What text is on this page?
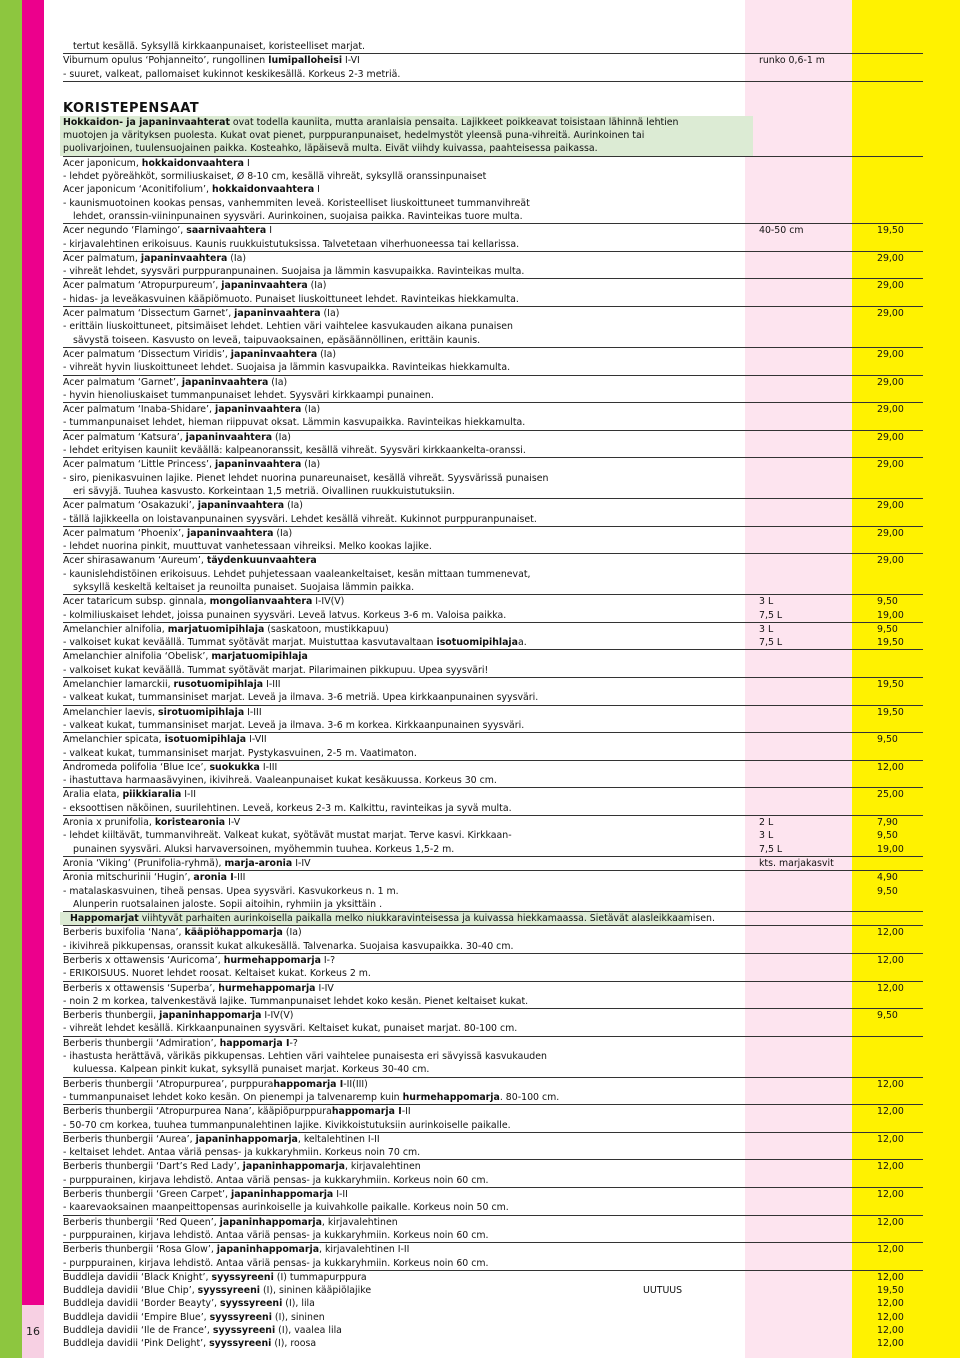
16
tertut kesällä. Syksyllä kirkkaanpunaiset, koristeelliset marjat.
Viburnum opulus ‘Pohjanneito’, rungollinen lumipalloheisi I-VI	runko 0,6-1 m
- suuret, valkeat, pallomaiset kukinnot keskikesällä. Korkeus 2-3 metriä.
KORISTEPENSAAT
Hokkaidon- ja japaninvaahterat ovat todella kauniita, mutta aranlaisia pensaita. Lajikkeet poikkeavat toisistaan lähinnä lehtien
muotojen ja värityksen puolesta. Kukat ovat pienet, purppuranpunaiset, hedelmystöt yleensä puna-vihreitä. Aurinkoinen tai
puolivarjoinen, tuulensuojainen paikka. Kosteahko, läpäisevä multa. Eivät viihdy kuivassa, paahteisessa paikassa.
Acer japonicum, hokkaidonvaahtera I
- lehdet pyöreähköt, sormiliuskaiset, Ø 8-10 cm, kesällä vihreät, syksyllä oranssinpunaiset
Acer japonicum ‘Aconitifolium’, hokkaidonvaahtera I
- kaunismuotoinen kookas pensas, vanhemmiten leveä. Koristeelliset liuskoittuneet tummanvihreät
lehdet, oranssin-viininpunainen syysväri. Aurinkoinen, suojaisa paikka. Ravinteikas tuore multa.
Acer negundo ‘Flamingo’, saarnivaahtera I	40-50 cm	19,50
- kirjavalehtinen erikoisuus. Kaunis ruukkuistutuksissa. Talvetetaan viherhuoneessa tai kellarissa.
Acer palmatum, japaninvaahtera (Ia)	29,00
- vihreät lehdet, syysväri purppuranpunainen. Suojaisa ja lämmin kasvupaikka. Ravinteikas multa.
Acer palmatum ‘Atropurpureum’, japaninvaahtera (Ia)	29,00
- hidas- ja leveäkasvuinen kääpiömuoto. Punaiset liuskoittuneet lehdet. Ravinteikas hiekkamulta.
Acer palmatum ‘Dissectum Garnet’, japaninvaahtera (Ia)	29,00
- erittäin liuskoittuneet, pitsimäiset lehdet. Lehtien väri vaihtelee kasvukauden aikana punaisen
sävystä toiseen. Kasvusto on leveä, taipuvaoksainen, epäsäännöllinen, erittäin kaunis.
Acer palmatum ‘Dissectum Viridis’, japaninvaahtera (Ia)	29,00
- vihreät hyvin liuskoittuneet lehdet. Suojaisa ja lämmin kasvupaikka. Ravinteikas hiekkamulta.
Acer palmatum ‘Garnet’, japaninvaahtera (Ia)	29,00
- hyvin hienoliuskaiset tummanpunaiset lehdet. Syysväri kirkkaampi punainen.
Acer palmatum ‘Inaba-Shidare’, japaninvaahtera (Ia)	29,00
- tummanpunaiset lehdet, hieman riippuvat oksat. Lämmin kasvupaikka. Ravinteikas hiekkamulta.
Acer palmatum ‘Katsura’, japaninvaahtera (Ia)	29,00
- lehdet erityisen kauniit keväällä: kalpeanoranssit, kesällä vihreät. Syysväri kirkkaankelta-oranssi.
Acer palmatum ‘Little Princess’, japaninvaahtera (Ia)	29,00
- siro, pienikasvuinen lajike. Pienet lehdet nuorina punareunaiset, kesällä vihreät. Syysvärissä punaisen
eri sävyjä. Tuuhea kasvusto. Korkeintaan 1,5 metriä. Oivallinen ruukkuistutuksiin.
Acer palmatum ‘Osakazuki’, japaninvaahtera (Ia)	29,00
- tällä lajikkeella on loistavanpunainen syysväri. Lehdet kesällä vihreät. Kukinnot purppuranpunaiset.
Acer palmatum ‘Phoenix’, japaninvaahtera (Ia)	29,00
- lehdet nuorina pinkit, muuttuvat vanhetessaan vihreiksi. Melko kookas lajike.
Acer shirasawanum ‘Aureum’, täydenkuunvaahtera	29,00
- kaunislehdistöinen erikoisuus. Lehdet puhjetessaan vaaleankeltaiset, kesän mittaan tummenevat,
syksyllä keskeltä keltaiset ja reunoilta punaiset. Suojaisa lämmin paikka.
Acer tataricum subsp. ginnala, mongolianvaahtera I-IV(V)	3 L	9,50
- kolmiliuskaiset lehdet, joissa punainen syysväri. Leveä latvus. Korkeus 3-6 m. Valoisa paikka.	7,5 L	19,00
Amelanchier alnifolia, marjatuomipihlaja (saskatoon, mustikkapuu)	3 L	9,50
- valkoiset kukat keväällä. Tummat syötävät marjat. Muistuttaa kasvutavaltaan isotuomipihlajaa.	7,5 L	19,50
Amelanchier alnifolia ‘Obelisk’, marjatuomipihlaja
- valkoiset kukat keväällä. Tummat syötävät marjat. Pilarimainen pikkupuu. Upea syysväri!
Amelanchier lamarckii, rusotuomipihlaja I-III	19,50
- valkeat kukat, tummansiniset marjat. Leveä ja ilmava. 3-6 metriä. Upea kirkkaanpunainen syysväri.
Amelanchier laevis, sirotuomipihlaja I-III	19,50
- valkeat kukat, tummansiniset marjat. Leveä ja ilmava. 3-6 m korkea. Kirkkaanpunainen syysväri.
Amelanchier spicata, isotuomipihlaja I-VII	9,50
- valkeat kukat, tummansiniset marjat. Pystykasvuinen, 2-5 m. Vaatimaton.
Andromeda polifolia ‘Blue Ice’, suokukka I-III	12,00
- ihastuttava harmaasävyinen, ikivihreä. Vaaleanpunaiset kukat kesäkuussa. Korkeus 30 cm.
Aralia elata, piikkiaralia I-II	25,00
- eksoottisen näköinen, suurilehtinen. Leveä, korkeus 2-3 m. Kalkittu, ravinteikas ja syvä multa.
Aronia x prunifolia, koristearonia I-V	2 L	7,90
- lehdet kiiltävät, tummanvihreät. Valkeat kukat, syötävät mustat marjat. Terve kasvi. Kirkkaan-	3 L	9,50
punainen syysväri. Aluksi harvaversoinen, myöhemmin tuuhea. Korkeus 1,5-2 m.	7,5 L	19,00
Aronia ‘Viking’ (Prunifolia-ryhmä), marja-aronia I-IV	kts. marjakasvit
Aronia mitschurinii ‘Hugin’, aronia I-III	4,90
- matalaskasvuinen, tiheä pensas. Upea syysväri. Kasvukorkeus n. 1 m.	9,50
Alunperin ruotsalainen jaloste. Sopii aitoihin, ryhmiin ja yksittäin .
Happomarjat viihtyvät parhaiten aurinkoisella paikalla melko niukkaravinteisessa ja kuivassa hiekkamaassa. Sietävät alasleikkaamisen.
Berberis buxifolia ‘Nana’, kääpiöhappomarja (Ia)	12,00
- ikivihreä pikkupensas, oranssit kukat alkukesällä. Talvenarka. Suojaisa kasvupaikka. 30-40 cm.
Berberis x ottawensis ‘Auricoma’, hurmehappomarja I-?	12,00
- ERIKOISUUS. Nuoret lehdet roosat. Keltaiset kukat. Korkeus 2 m.
Berberis x ottawensis ‘Superba’, hurmehappomarja I-IV	12,00
- noin 2 m korkea, talvenkestävä lajike. Tummanpunaiset lehdet koko kesän. Pienet keltaiset kukat.
Berberis thunbergii, japaninhappomarja I-IV(V)	9,50
- vihreät lehdet kesällä. Kirkkaanpunainen syysväri. Keltaiset kukat, punaiset marjat. 80-100 cm.
Berberis thunbergii ‘Admiration’, happomarja I-?
- ihastusta herättävä, värikäs pikkupensas. Lehtien väri vaihtelee punaisesta eri sävyissä kasvukauden
kuluessa. Kalpean pinkit kukat, syksyllä punaiset marjat. Korkeus 30-40 cm.
Berberis thunbergii ‘Atropurpurea’, purppurahappomarja I-II(III)	12,00
- tummanpunaiset lehdet koko kesän. On pienempi ja talvenaremp kuin hurmehappomarja. 80-100 cm.
Berberis thunbergii ‘Atropurpurea Nana’, kääpiöpurppurahappomarja I-II	12,00
- 50-70 cm korkea, tuuhea tummanpunalehtinen lajike. Kivikkoistutuksiin aurinkoiselle paikalle.
Berberis thunbergii ‘Aurea’, japaninhappomarja, keltalehtinen I-II	12,00
- keltaiset lehdet. Antaa väriä pensas- ja kukkaryhmiin. Korkeus noin 70 cm.
Berberis thunbergii ‘Dart’s Red Lady’, japaninhappomarja, kirjavalehtinen	12,00
- purppurainen, kirjava lehdistö. Antaa väriä pensas- ja kukkaryhmiin. Korkeus noin 60 cm.
Berberis thunbergii ‘Green Carpet’, japaninhappomarja I-II	12,00
- kaarevaoksainen maanpeittopensas aurinkoiselle ja kuivahkolle paikalle. Korkeus noin 50 cm.
Berberis thunbergii ‘Red Queen’, japaninhappomarja, kirjavalehtinen	12,00
- purppurainen, kirjava lehdistö. Antaa väriä pensas- ja kukkaryhmiin. Korkeus noin 60 cm.
Berberis thunbergii ‘Rosa Glow’, japaninhappomarja, kirjavalehtinen I-II	12,00
- purppurainen, kirjava lehdistö. Antaa väriä pensas- ja kukkaryhmiin. Korkeus noin 60 cm.
Buddleja davidii ‘Black Knight’, syyssyreeni (I) tummapurppura	12,00
Buddleja davidii ‘Blue Chip’, syyssyreeni (I), sininen kääpiölajike	UUTUUS	19,50
Buddleja davidii ‘Border Beayty’, syyssyreeni (I), lila	12,00
Buddleja davidii ‘Empire Blue’, syyssyreeni (I), sininen	12,00
Buddleja davidii ‘Ile de France’, syyssyreeni (I), vaalea lila	12,00
Buddleja davidii ‘Pink Delight’, syyssyreeni (I), roosa	12,00
